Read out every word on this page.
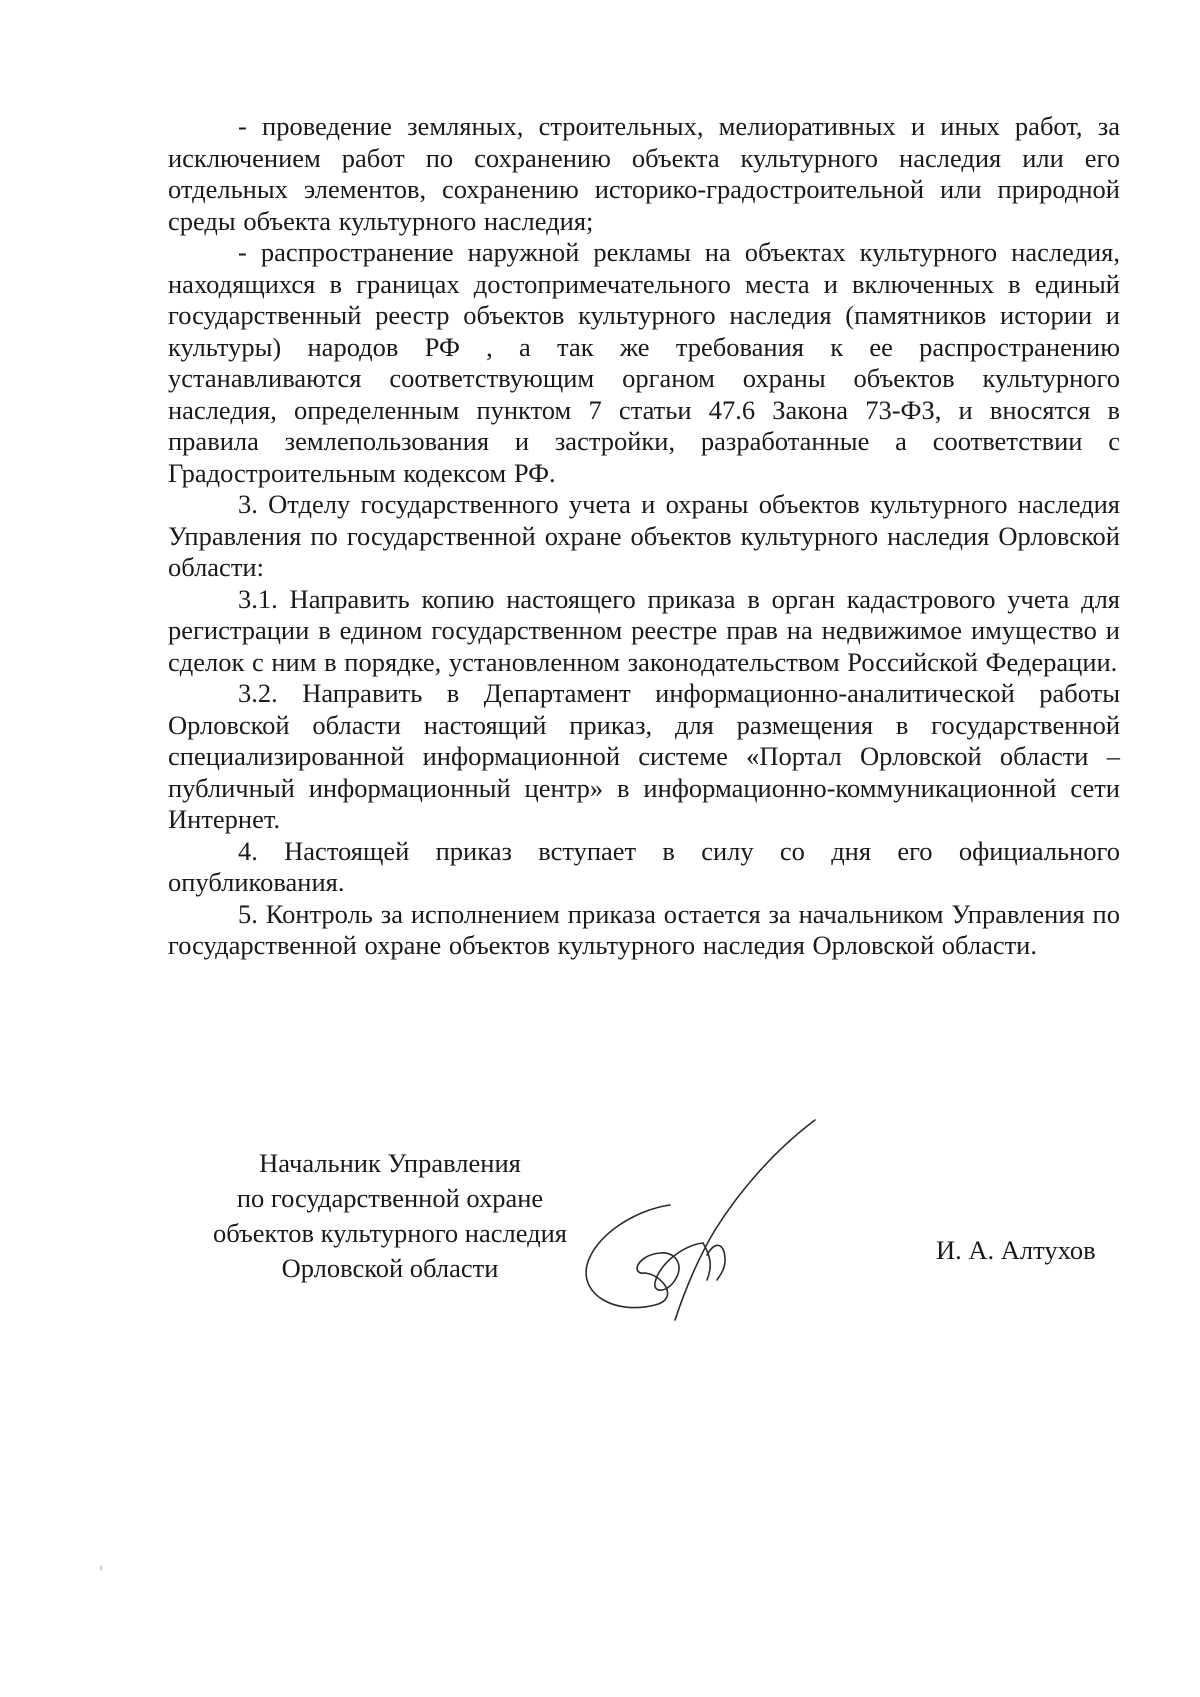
- проведение земляных, строительных, мелиоративных и иных работ, за исключением работ по сохранению объекта культурного наследия или его отдельных элементов, сохранению историко-градостроительной или природной среды объекта культурного наследия;

- распространение наружной рекламы на объектах культурного наследия, находящихся в границах достопримечательного места и включенных в единый государственный реестр объектов культурного наследия (памятников истории и культуры) народов РФ , а так же требования к ее распространению устанавливаются соответствующим органом охраны объектов культурного наследия, определенным пунктом 7 статьи 47.6 Закона 73-ФЗ, и вносятся в правила землепользования и застройки, разработанные а соответствии с Градостроительным кодексом РФ.

3. Отделу государственного учета и охраны объектов культурного наследия Управления по государственной охране объектов культурного наследия Орловской области:

3.1. Направить копию настоящего приказа в орган кадастрового учета для регистрации в едином государственном реестре прав на недвижимое имущество и сделок с ним в порядке, установленном законодательством Российской Федерации.

3.2. Направить в Департамент информационно-аналитической работы Орловской области настоящий приказ, для размещения в государственной специализированной информационной системе «Портал Орловской области – публичный информационный центр» в информационно-коммуникационной сети Интернет.

4. Настоящей приказ вступает в силу со дня его официального опубликования.

5. Контроль за исполнением приказа остается за начальником Управления по государственной охране объектов культурного наследия Орловской области.

Начальник Управления
по государственной охране
объектов культурного наследия
Орловской области
И. А. Алтухов
